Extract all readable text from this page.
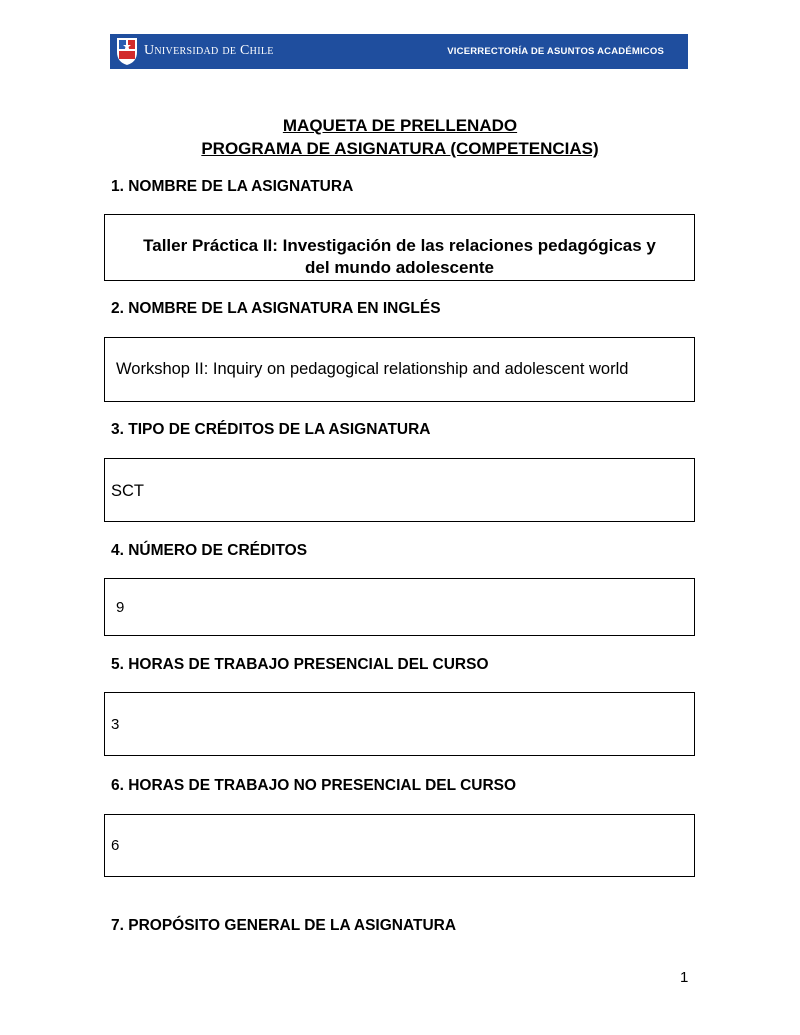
Universidad de Chile	VICERRECTORÍA DE ASUNTOS ACADÉMICOS
MAQUETA DE PRELLENADO
PROGRAMA DE ASIGNATURA (COMPETENCIAS)
1. NOMBRE DE LA ASIGNATURA
Taller Práctica II: Investigación de las relaciones pedagógicas y
del mundo adolescente
2. NOMBRE DE LA ASIGNATURA EN INGLÉS
Workshop II: Inquiry on pedagogical relationship and adolescent world
3. TIPO DE CRÉDITOS DE LA ASIGNATURA
SCT
4. NÚMERO DE CRÉDITOS
9
5. HORAS DE TRABAJO PRESENCIAL DEL CURSO
3
6. HORAS DE TRABAJO NO PRESENCIAL DEL CURSO
6
7. PROPÓSITO GENERAL DE LA ASIGNATURA
1
